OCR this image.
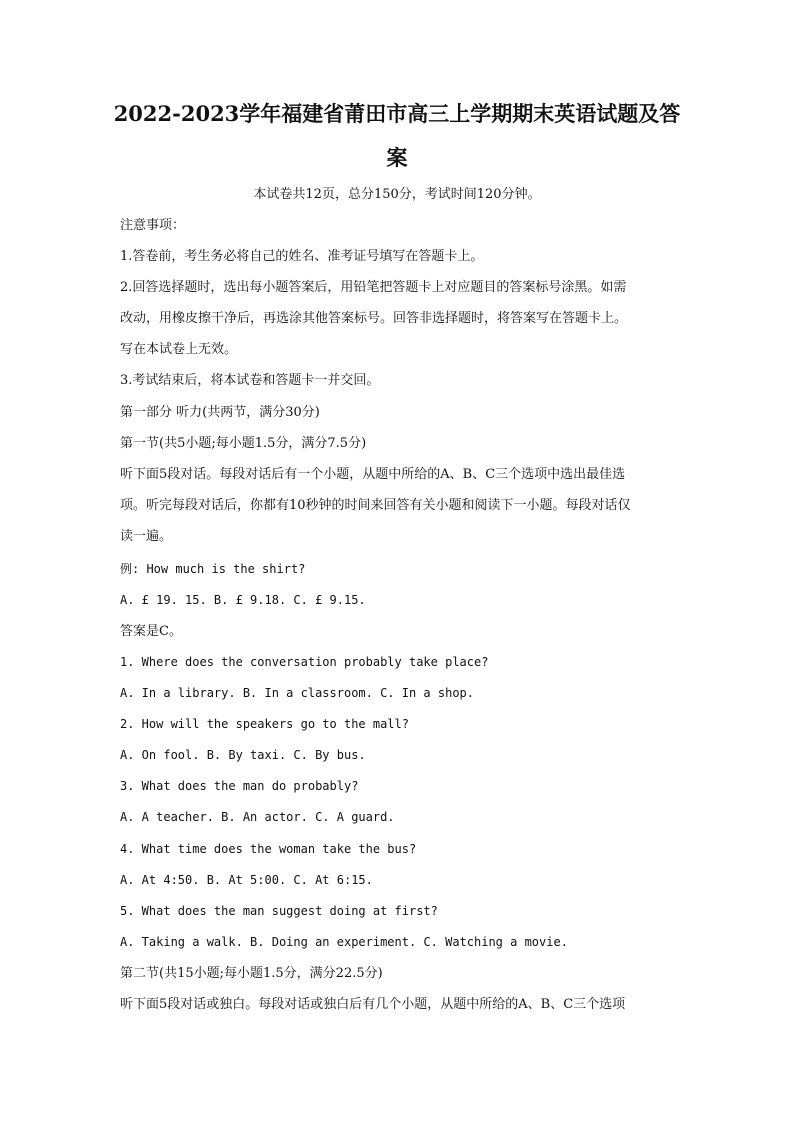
2022-2023学年福建省莆田市高三上学期期末英语试题及答
案
本试卷共12页，总分150分，考试时间120分钟。
注意事项：
1.答卷前，考生务必将自己的姓名、准考证号填写在答题卡上。
2.回答选择题时，选出每小题答案后，用铅笔把答题卡上对应题目的答案标号涂黑。如需
改动，用橡皮擦干净后，再选涂其他答案标号。回答非选择题时，将答案写在答题卡上。
写在本试卷上无效。
3.考试结束后，将本试卷和答题卡一并交回。
第一部分 听力(共两节，满分30分)
第一节(共5小题;每小题1.5分，满分7.5分)
听下面5段对话。每段对话后有一个小题，从题中所给的A、B、C三个选项中选出最佳选
项。听完每段对话后，你都有10秒钟的时间来回答有关小题和阅读下一小题。每段对话仅
读一遍。
例: How much is the shirt?
A. £ 19. 15. B. £ 9.18. C. £ 9.15.
答案是C。
1. Where does the conversation probably take place?
A. In a library. B. In a classroom. C. In a shop.
2. How will the speakers go to the mall?
A. On fool. B. By taxi. C. By bus.
3. What does the man do probably?
A. A teacher. B. An actor. C. A guard.
4. What time does the woman take the bus?
A. At 4:50. B. At 5:00. C. At 6:15.
5. What does the man suggest doing at first?
A. Taking a walk. B. Doing an experiment. C. Watching a movie.
第二节(共15小题;每小题1.5分，满分22.5分)
听下面5段对话或独白。每段对话或独白后有几个小题，从题中所给的A、B、C三个选项
